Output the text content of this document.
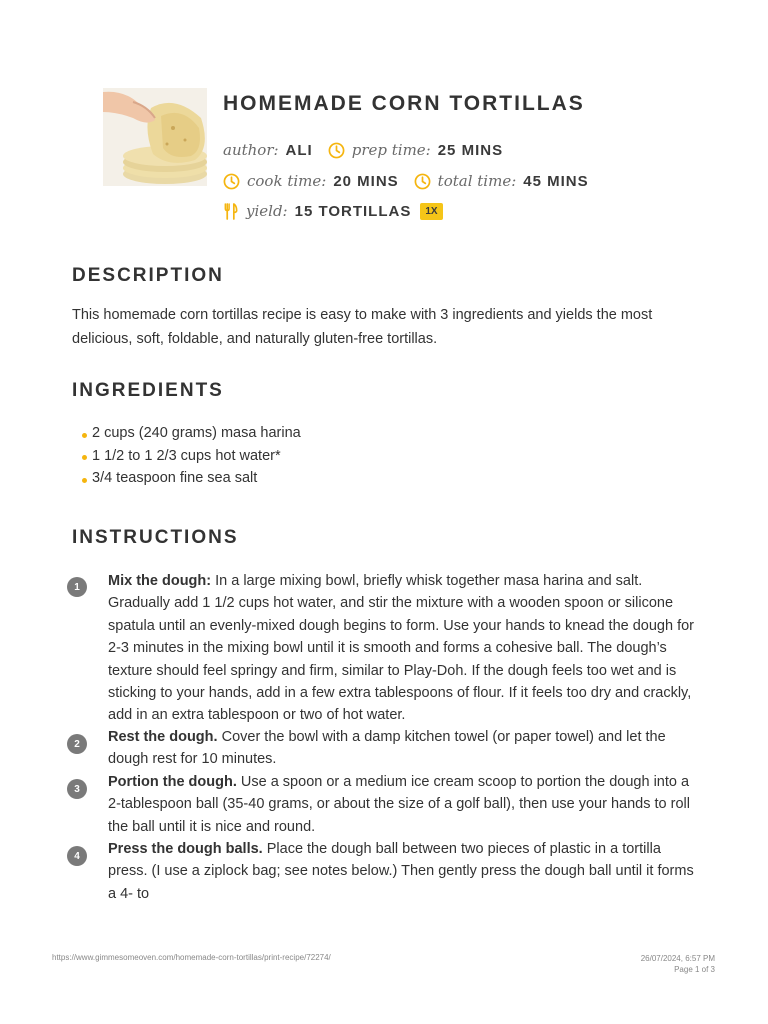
HOMEMADE CORN TORTILLAS
author: ALI	prep time: 25 MINS
cook time: 20 MINS	total time: 45 MINS
yield: 15 TORTILLAS	1X
DESCRIPTION

This homemade corn tortillas recipe is easy to make with 3 ingredients and yields the most delicious, soft, foldable, and naturally gluten-free tortillas.

INGREDIENTS
2 cups (240 grams) masa harina
1 1/2 to 1 2/3 cups hot water*
3/4 teaspoon fine sea salt
INSTRUCTIONS
1	Mix the dough: In a large mixing bowl, briefly whisk together masa harina and salt. Gradually add 1 1/2 cups hot water, and stir the mixture with a wooden spoon or silicone spatula until an evenly-mixed dough begins to form. Use your hands to knead the dough for 2-3 minutes in the mixing bowl until it is smooth and forms a cohesive ball. The dough’s texture should feel springy and firm, similar to Play-Doh. If the dough feels too wet and is sticking to your hands, add in a few extra tablespoons of flour. If it feels too dry and crackly, add in an extra tablespoon or two of hot water.

2	Rest the dough. Cover the bowl with a damp kitchen towel (or paper towel) and let the dough rest for 10 minutes.

3	Portion the dough. Use a spoon or a medium ice cream scoop to portion the dough into a 2-tablespoon ball (35-40 grams, or about the size of a golf ball), then use your hands to roll the ball until it is nice and round.

4	Press the dough balls. Place the dough ball between two pieces of plastic in a tortilla press. (I use a ziplock bag; see notes below.) Then gently press the dough ball until it forms a 4- to

https://www.gimmesomeoven.com/homemade-corn-tortillas/print-recipe/72274/	26/07/2024, 6:57 PM
Page 1 of 3
